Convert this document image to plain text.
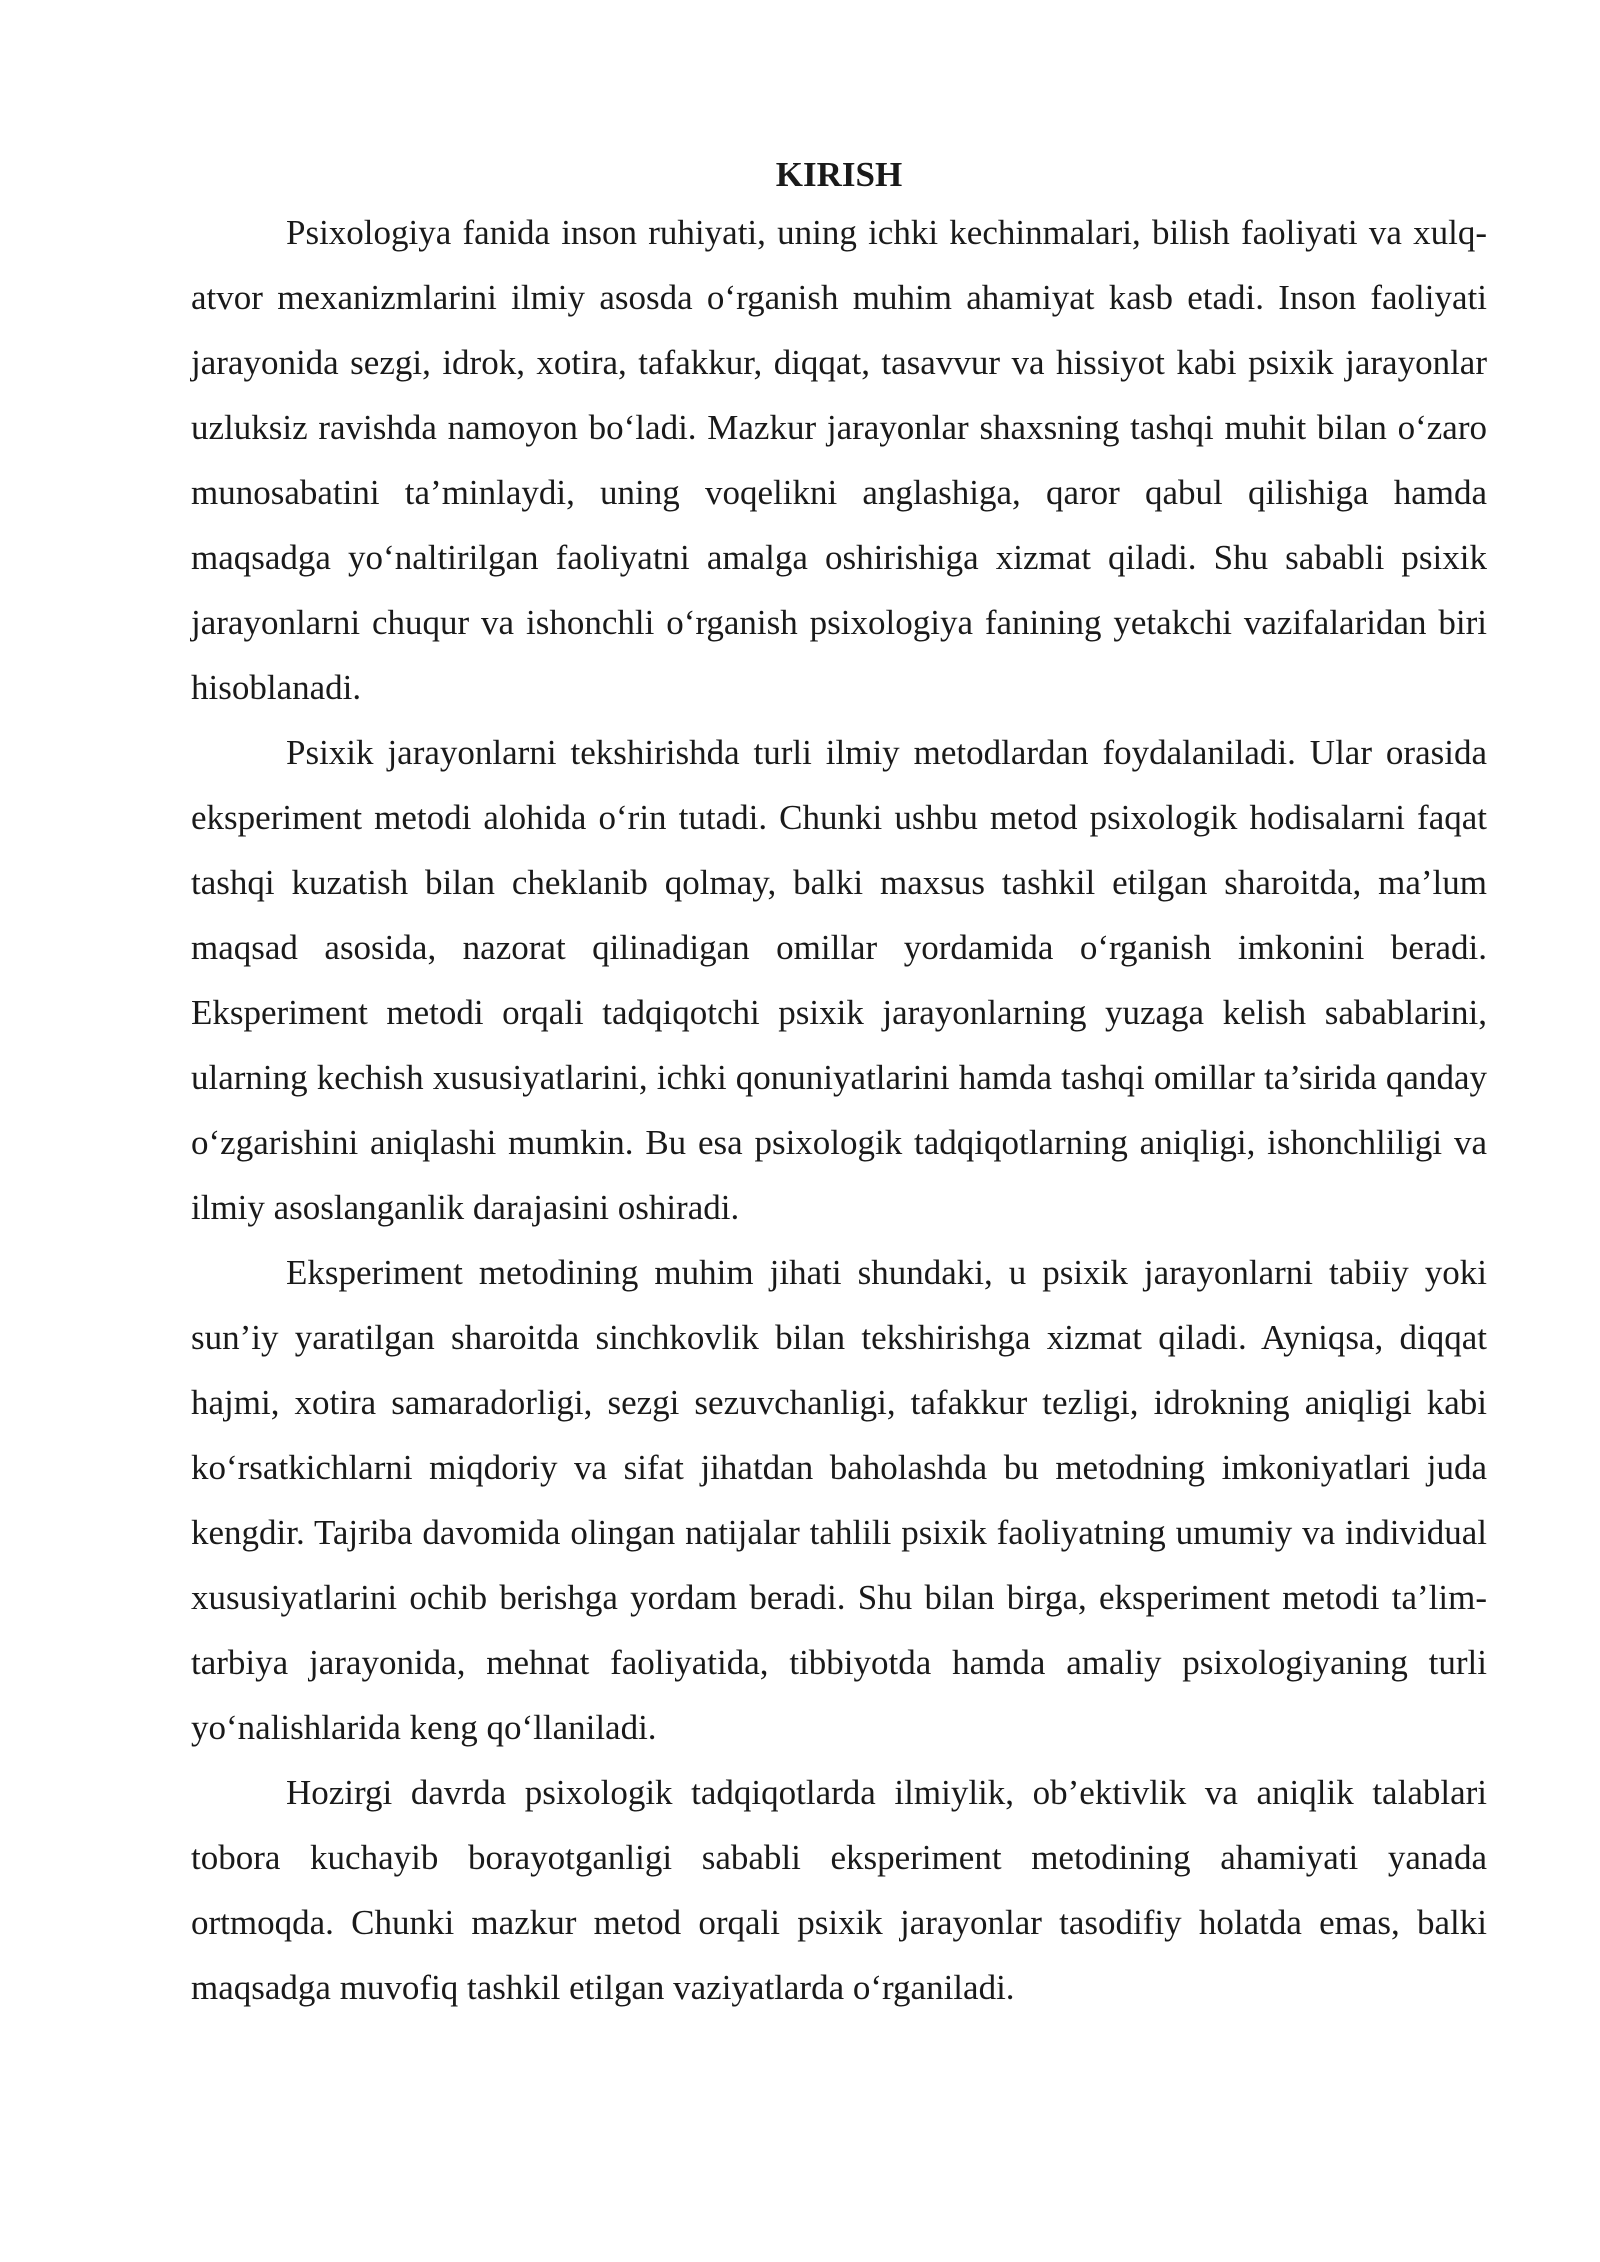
KIRISH

Psixologiya fanida inson ruhiyati, uning ichki kechinmalari, bilish faoliyati va xulq-atvor mexanizmlarini ilmiy asosda o‘rganish muhim ahamiyat kasb etadi. Inson faoliyati jarayonida sezgi, idrok, xotira, tafakkur, diqqat, tasavvur va hissiyot kabi psixik jarayonlar uzluksiz ravishda namoyon bo‘ladi. Mazkur jarayonlar shaxsning tashqi muhit bilan o‘zaro munosabatini ta’minlaydi, uning voqelikni anglashiga, qaror qabul qilishiga hamda maqsadga yo‘naltirilgan faoliyatni amalga oshirishiga xizmat qiladi. Shu sababli psixik jarayonlarni chuqur va ishonchli o‘rganish psixologiya fanining yetakchi vazifalaridan biri hisoblanadi.

Psixik jarayonlarni tekshirishda turli ilmiy metodlardan foydalaniladi. Ular orasida eksperiment metodi alohida o‘rin tutadi. Chunki ushbu metod psixologik hodisalarni faqat tashqi kuzatish bilan cheklanib qolmay, balki maxsus tashkil etilgan sharoitda, ma’lum maqsad asosida, nazorat qilinadigan omillar yordamida o‘rganish imkonini beradi. Eksperiment metodi orqali tadqiqotchi psixik jarayonlarning yuzaga kelish sabablarini, ularning kechish xususiyatlarini, ichki qonuniyatlarini hamda tashqi omillar ta’sirida qanday o‘zgarishini aniqlashi mumkin. Bu esa psixologik tadqiqotlarning aniqligi, ishonchliligi va ilmiy asoslanganlik darajasini oshiradi.

Eksperiment metodining muhim jihati shundaki, u psixik jarayonlarni tabiiy yoki sun’iy yaratilgan sharoitda sinchkovlik bilan tekshirishga xizmat qiladi. Ayniqsa, diqqat hajmi, xotira samaradorligi, sezgi sezuvchanligi, tafakkur tezligi, idrokning aniqligi kabi ko‘rsatkichlarni miqdoriy va sifat jihatdan baholashda bu metodning imkoniyatlari juda kengdir. Tajriba davomida olingan natijalar tahlili psixik faoliyatning umumiy va individual xususiyatlarini ochib berishga yordam beradi. Shu bilan birga, eksperiment metodi ta’lim-tarbiya jarayonida, mehnat faoliyatida, tibbiyotda hamda amaliy psixologiyaning turli yo‘nalishlarida keng qo‘llaniladi.

Hozirgi davrda psixologik tadqiqotlarda ilmiylik, ob’ektivlik va aniqlik talablari tobora kuchayib borayotganligi sababli eksperiment metodining ahamiyati yanada ortmoqda. Chunki mazkur metod orqali psixik jarayonlar tasodifiy holatda emas, balki maqsadga muvofiq tashkil etilgan vaziyatlarda o‘rganiladi.
